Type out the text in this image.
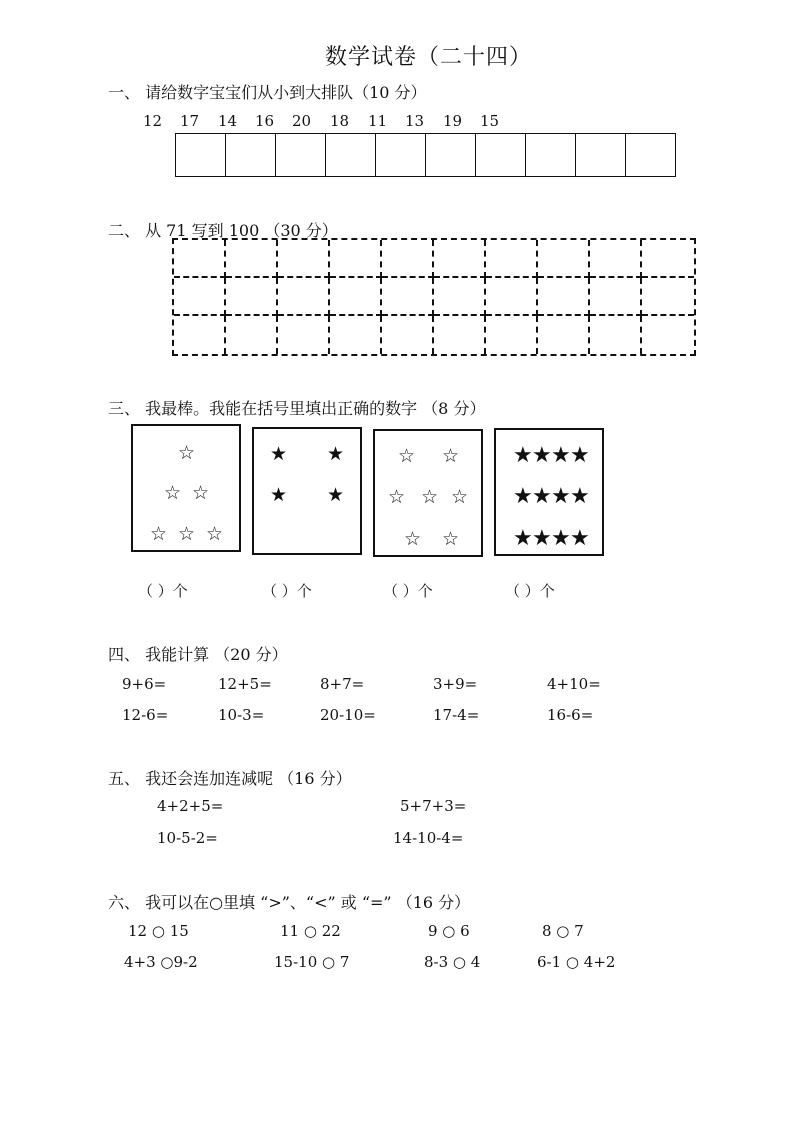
数学试卷（二十四）
一、 请给数字宝宝们从小到大排队（10 分）
12 17 14 16 20 18 11 13 19 15
二、 从 71 写到 100 （30 分）
三、 我最棒。我能在括号里填出正确的数字 （8 分）
☆
☆ ☆
☆ ☆ ☆
★ ★
★ ★
☆ ☆
☆ ☆ ☆
☆ ☆
★ ★ ★ ★
★ ★ ★ ★
★ ★ ★ ★
（ ）个	（ ）个	（ ）个	（ ）个
四、 我能计算 （20 分）
9+6=	12+5=	8+7=	3+9=	4+10=
12-6=	10-3=	20-10=	17-4=	16-6=
五、 我还会连加连减呢 （16 分）
4+2+5=	5+7+3=
10-5-2=	14-10-4=
六、 我可以在○里填 “>”、“<” 或 “=” （16 分）
12 ○ 15	11 ○ 22	9 ○ 6	8 ○ 7
4+3 ○9-2	15-10 ○ 7	8-3 ○ 4	6-1 ○ 4+2
